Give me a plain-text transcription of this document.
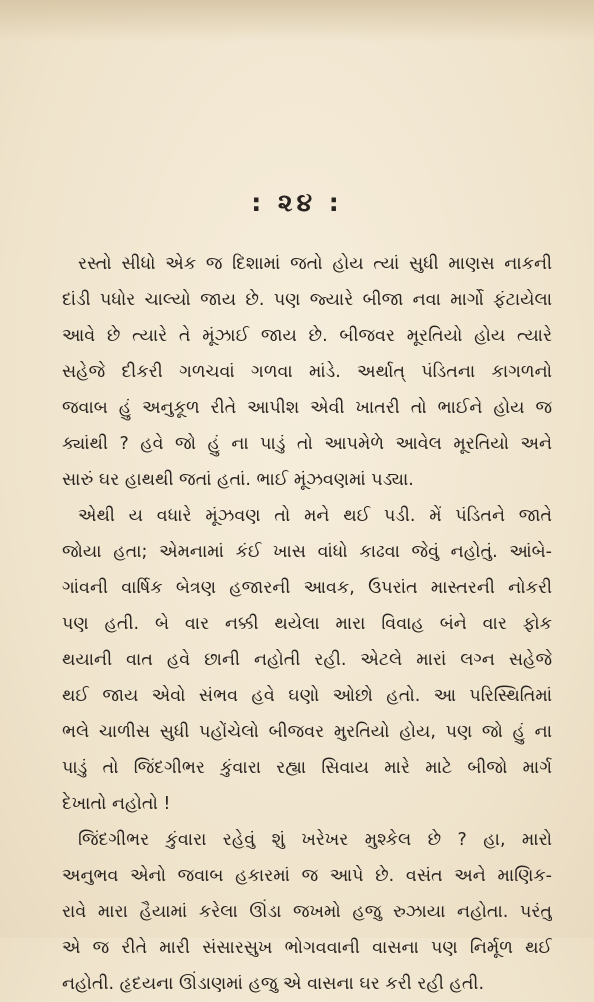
: ૨૪ :
રસ્તો સીધો એક જ દિશામાં જતો હોય ત્યાં સુધી માણસ નાકની
દાંડી પધોર ચાલ્યો જાય છે. પણ જ્યારે બીજા નવા માર્ગો ફંટાયેલા
આવે છે ત્યારે તે મૂંઝાઈ જાય છે. બીજવર મૂરતિયો હોય ત્યારે
સહેજે દીકરી ગળચવાં ગળવા માંડે. અર્થાત્ પંડિતના કાગળનો
જવાબ હું અનુકૂળ રીતે આપીશ એવી ખાતરી તો ભાઈને હોય જ
ક્યાંથી ? હવે જો હું ના પાડું તો આપમેળે આવેલ મૂરતિયો અને
સારું ઘર હાથથી જતાં હતાં. ભાઈ મૂંઝવણમાં પડ્યા.
એથી ય વધારે મૂંઝવણ તો મને થઈ પડી. મેં પંડિતને જાતે
જોયા હતા; એમનામાં કંઈ ખાસ વાંધો કાઢવા જેવું નહોતું. આંબે-
ગાંવની વાર્ષિક બેત્રણ હજારની આવક, ઉપરાંત માસ્તરની નોકરી
પણ હતી. બે વાર નક્કી થયેલા મારા વિવાહ બંને વાર ફોક
થયાની વાત હવે છાની નહોતી રહી. એટલે મારાં લગ્ન સહેજે
થઈ જાય એવો સંભવ હવે ઘણો ઓછો હતો. આ પરિસ્થિતિમાં
ભલે ચાળીસ સુધી પહોંચેલો બીજવર મુરતિયો હોય, પણ જો હું ના
પાડું તો જિંદગીભર કુંવારા રહ્યા સિવાય મારે માટે બીજો માર્ગ
દેખાતો નહોતો !
જિંદગીભર કુંવારા રહેવું શું ખરેખર મુશ્કેલ છે ? હા, મારો
અનુભવ એનો જવાબ હકારમાં જ આપે છે. વસંત અને માણિક-
રાવે મારા હૈયામાં કરેલા ઊંડા જખમો હજુ રુઝાયા નહોતા. પરંતુ
એ જ રીતે મારી સંસારસુખ ભોગવવાની વાસના પણ નિર્મૂળ થઈ
નહોતી. હૃદયના ઊંડાણમાં હજુ એ વાસના ઘર કરી રહી હતી.
